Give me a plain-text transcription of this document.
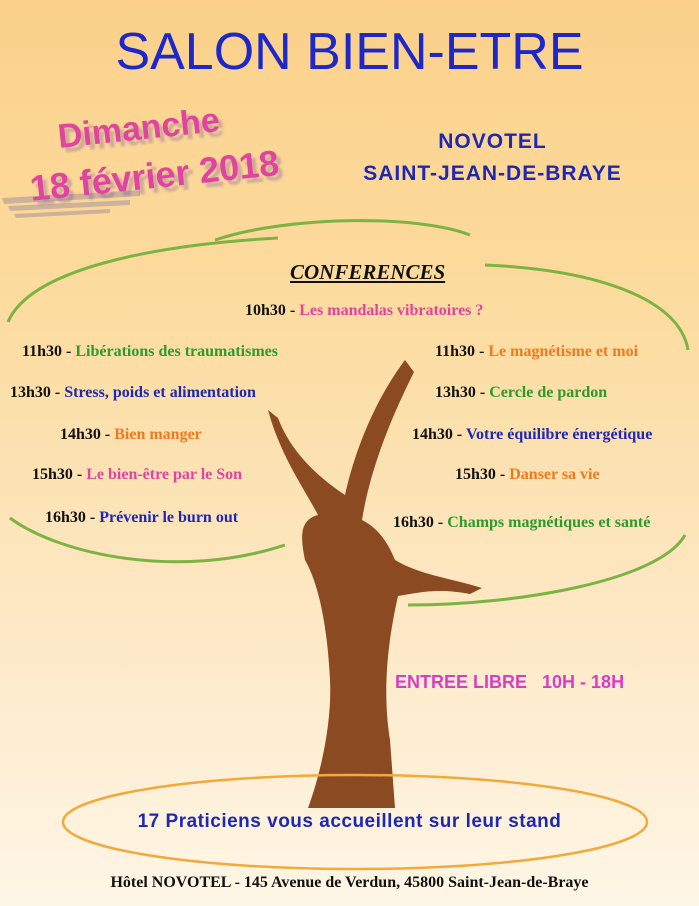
SALON BIEN-ETRE
Dimanche
18 février 2018
NOVOTEL
SAINT-JEAN-DE-BRAYE
CONFERENCES
10h30 - Les mandalas vibratoires ?
11h30 - Libérations des traumatismes	11h30 - Le magnétisme et moi
13h30 - Stress, poids et alimentation	13h30 - Cercle de pardon
14h30 - Bien manger	14h30 - Votre équilibre énergétique
15h30 - Le bien-être par le Son	15h30 - Danser sa vie
16h30 - Prévenir le burn out	16h30 - Champs magnétiques et santé
ENTREE LIBRE 10H - 18H
17 Praticiens vous accueillent sur leur stand
Hôtel NOVOTEL - 145 Avenue de Verdun, 45800 Saint-Jean-de-Braye
